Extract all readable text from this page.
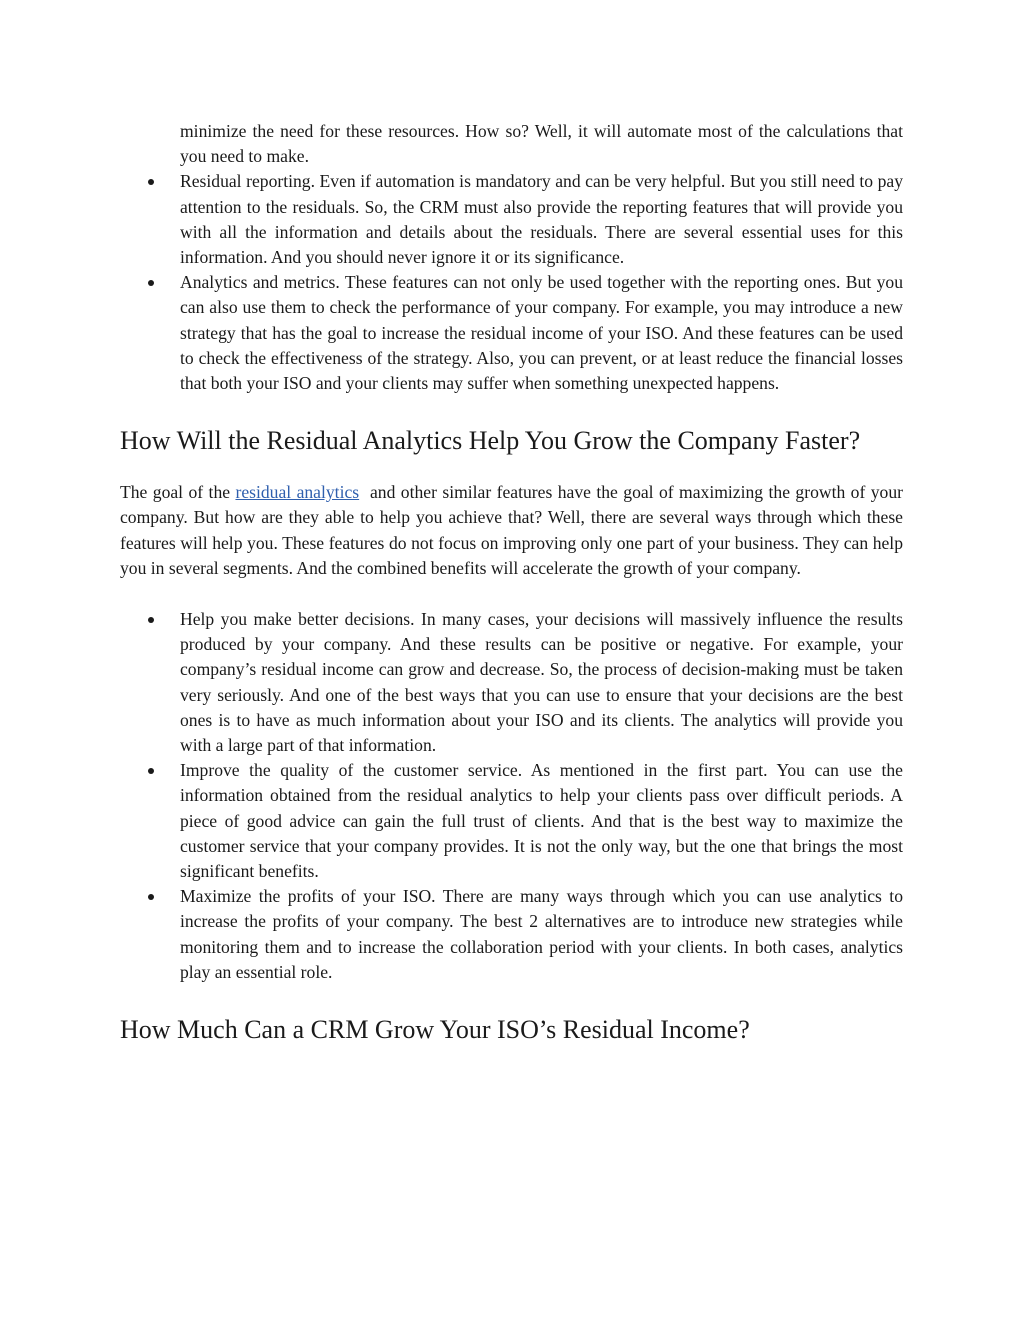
minimize the need for these resources. How so? Well, it will automate most of the calculations that you need to make.
Residual reporting. Even if automation is mandatory and can be very helpful. But you still need to pay attention to the residuals. So, the CRM must also provide the reporting features that will provide you with all the information and details about the residuals. There are several essential uses for this information. And you should never ignore it or its significance.
Analytics and metrics. These features can not only be used together with the reporting ones. But you can also use them to check the performance of your company. For example, you may introduce a new strategy that has the goal to increase the residual income of your ISO. And these features can be used to check the effectiveness of the strategy. Also, you can prevent, or at least reduce the financial losses that both your ISO and your clients may suffer when something unexpected happens.
How Will the Residual Analytics Help You Grow the Company Faster?

The goal of the residual analytics  and other similar features have the goal of maximizing the growth of your company. But how are they able to help you achieve that? Well, there are several ways through which these features will help you. These features do not focus on improving only one part of your business. They can help you in several segments. And the combined benefits will accelerate the growth of your company.

Help you make better decisions. In many cases, your decisions will massively influence the results produced by your company. And these results can be positive or negative. For example, your company’s residual income can grow and decrease. So, the process of decision-making must be taken very seriously. And one of the best ways that you can use to ensure that your decisions are the best ones is to have as much information about your ISO and its clients. The analytics will provide you with a large part of that information.
Improve the quality of the customer service. As mentioned in the first part. You can use the information obtained from the residual analytics to help your clients pass over difficult periods. A piece of good advice can gain the full trust of clients. And that is the best way to maximize the customer service that your company provides. It is not the only way, but the one that brings the most significant benefits.
Maximize the profits of your ISO. There are many ways through which you can use analytics to increase the profits of your company. The best 2 alternatives are to introduce new strategies while monitoring them and to increase the collaboration period with your clients. In both cases, analytics play an essential role.
How Much Can a CRM Grow Your ISO’s Residual Income?
